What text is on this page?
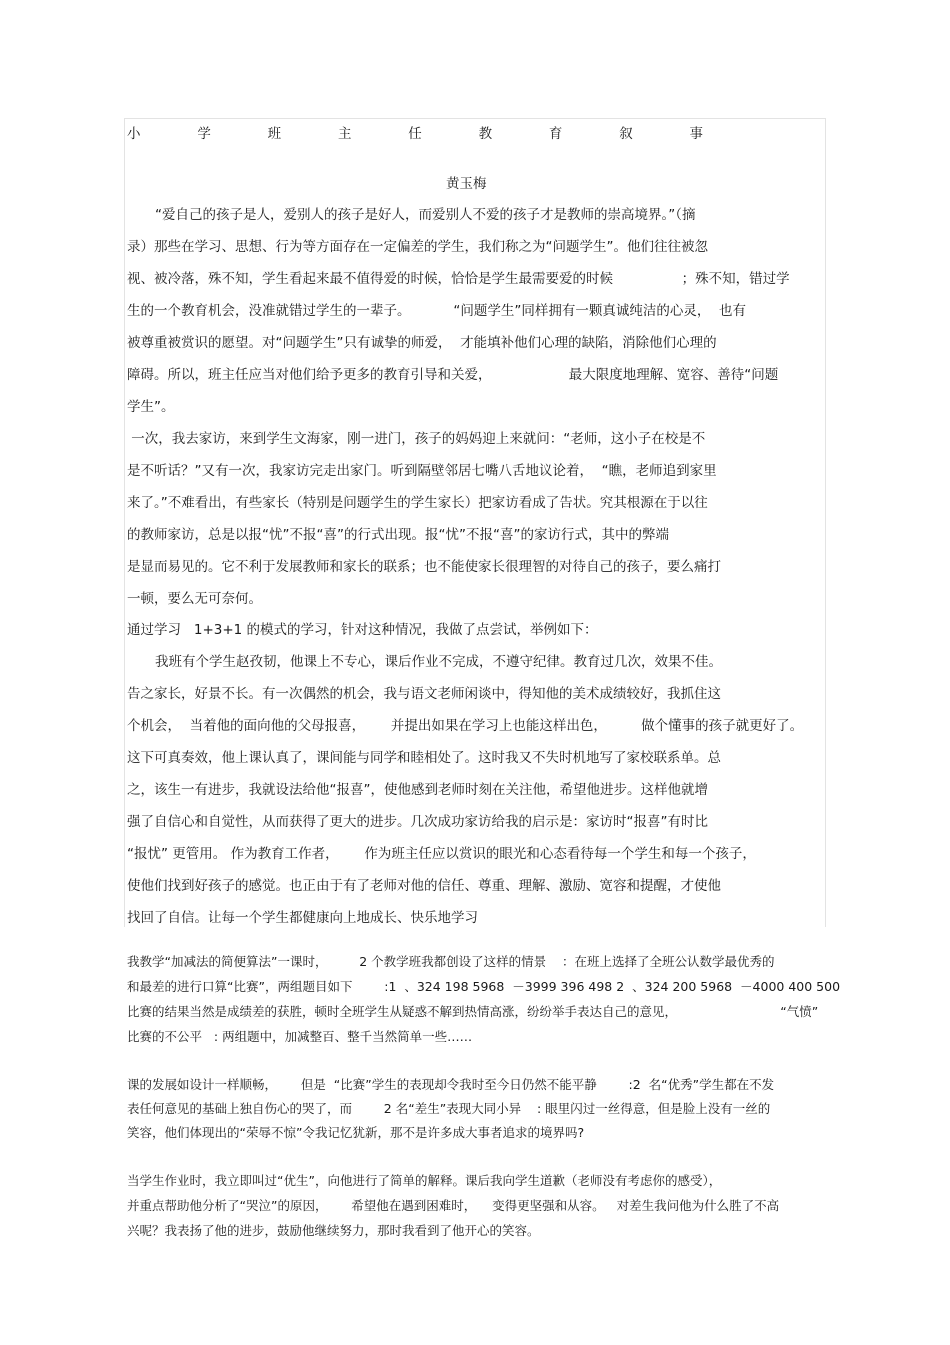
小	学	班	主	任	教	育	叙	事
黄玉梅
“爱自己的孩子是人，爱别人的孩子是好人，而爱别人不爱的孩子才是教师的崇高境界。”（摘
录）那些在学习、思想、行为等方面存在一定偏差的学生，我们称之为“问题学生”。他们往往被忽
视、被冷落，殊不知，学生看起来最不值得爱的时候，恰恰是学生最需要爱的时候                ；殊不知，错过学
生的一个教育机会，没准就错过学生的一辈子。          “问题学生”同样拥有一颗真诚纯洁的心灵，  也有
被尊重被赏识的愿望。对“问题学生”只有诚挚的师爱，  才能填补他们心理的缺陷，消除他们心理的
障碍。所以，班主任应当对他们给予更多的教育引导和关爱，                  最大限度地理解、宽容、善待“问题
学生”。
一次，我去家访，来到学生文海家，刚一进门，孩子的妈妈迎上来就问：“老师，这小子在校是不
是不听话？”又有一次，我家访完走出家门。听到隔壁邻居七嘴八舌地议论着，  “瞧，老师追到家里
来了。”不难看出，有些家长（特别是问题学生的学生家长）把家访看成了告状。究其根源在于以往
的教师家访，总是以报“忧”不报“喜”的行式出现。报“忧”不报“喜”的家访行式，其中的弊端
是显而易见的。它不利于发展教师和家长的联系；也不能使家长很理智的对待自己的孩子，要么痛打
一顿，要么无可奈何。
通过学习   1+3+1 的模式的学习，针对这种情况，我做了点尝试，举例如下：
我班有个学生赵孜韧，他课上不专心，课后作业不完成，不遵守纪律。教育过几次，效果不佳。
告之家长，好景不长。有一次偶然的机会，我与语文老师闲谈中，得知他的美术成绩较好，我抓住这
个机会，  当着他的面向他的父母报喜，      并提出如果在学习上也能这样出色，        做个懂事的孩子就更好了。
这下可真奏效，他上课认真了，课间能与同学和睦相处了。这时我又不失时机地写了家校联系单。总
之，该生一有进步，我就设法给他“报喜”，使他感到老师时刻在关注他，希望他进步。这样他就增
强了自信心和自觉性，从而获得了更大的进步。几次成功家访给我的启示是：家访时“报喜”有时比
“报忧” 更管用。 作为教育工作者，      作为班主任应以赏识的眼光和心态看待每一个学生和每一个孩子，
使他们找到好孩子的感觉。也正由于有了老师对他的信任、尊重、理解、激励、宽容和提醒，才使他
找回了自信。让每一个学生都健康向上地成长、快乐地学习
我教学“加减法的简便算法”一课时，        2 个教学班我都创设了这样的情景    ：在班上选择了全班公认数学最优秀的
和最差的进行口算“比赛”，两组题目如下        :1  、324 198 5968  －3999 396 498 2  、324 200 5968  －4000 400 500
比赛的结果当然是成绩差的获胜，顿时全班学生从疑惑不解到热情高涨，纷纷举手表达自己的意见，                          “气愤”
比赛的不公平   : 两组题中，加减整百、整千当然简单一些……
课的发展如设计一样顺畅，      但是  “比赛”学生的表现却令我时至今日仍然不能平静        :2  名“优秀”学生都在不发
表任何意见的基础上独自伤心的哭了，而        2 名“差生”表现大同小异    : 眼里闪过一丝得意，但是脸上没有一丝的
笑容，他们体现出的“荣辱不惊”令我记忆犹新，那不是许多成大事者追求的境界吗?
当学生作业时，我立即叫过“优生”，向他进行了简单的解释。课后我向学生道歉（老师没有考虑你的感受），
并重点帮助他分析了“哭泣”的原因，      希望他在遇到困难时，    变得更坚强和从容。   对差生我问他为什么胜了不高
兴呢？我表扬了他的进步，鼓励他继续努力，那时我看到了他开心的笑容。
